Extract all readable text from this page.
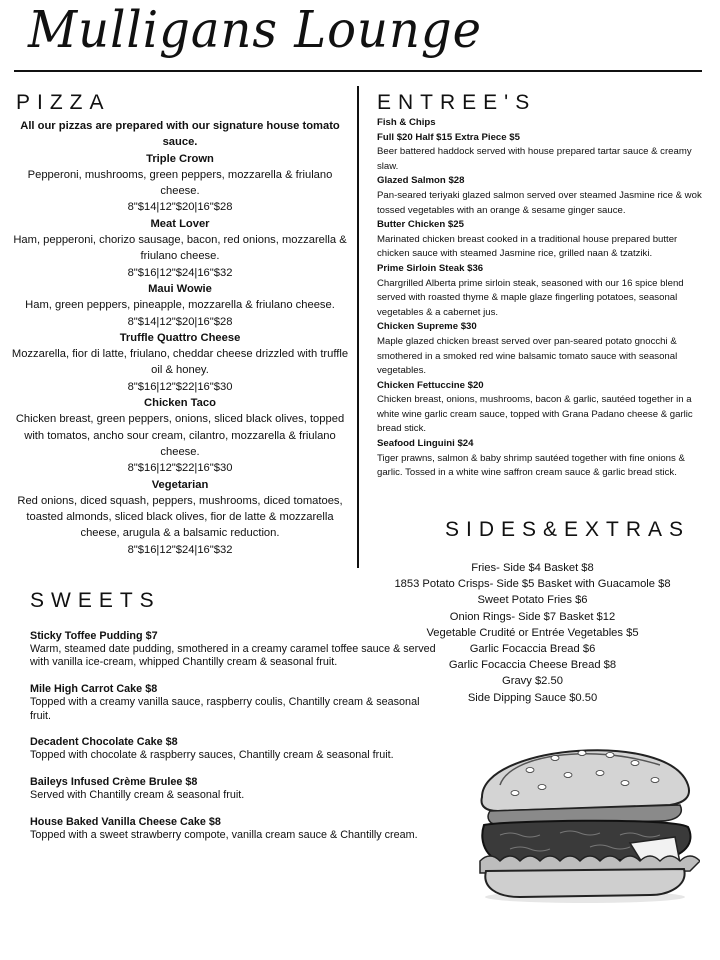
Mulligans Lounge
PIZZA
All our pizzas are prepared with our signature house tomato sauce.
Triple Crown
Pepperoni, mushrooms, green peppers, mozzarella & friulano cheese.
8"$14|12"$20|16"$28
Meat Lover
Ham, pepperoni, chorizo sausage, bacon, red onions, mozzarella & friulano cheese.
8"$16|12"$24|16"$32
Maui Wowie
Ham, green peppers, pineapple, mozzarella & friulano cheese.
8"$14|12"$20|16"$28
Truffle Quattro Cheese
Mozzarella, fior di latte, friulano, cheddar cheese drizzled with truffle oil & honey.
8"$16|12"$22|16"$30
Chicken Taco
Chicken breast, green peppers, onions, sliced black olives, topped with tomatos, ancho sour cream, cilantro, mozzarella & friulano cheese.
8"$16|12"$22|16"$30
Vegetarian
Red onions, diced squash, peppers, mushrooms, diced tomatoes, toasted almonds, sliced black olives, fior de latte & mozzarella cheese, arugula & a balsamic reduction.
8"$16|12"$24|16"$32
ENTREE'S
Fish & Chips
Full $20 Half $15 Extra Piece $5
Beer battered haddock served with house prepared tartar sauce & creamy slaw.
Glazed Salmon $28
Pan-seared teriyaki glazed salmon served over steamed Jasmine rice & wok tossed vegetables with an orange & sesame ginger sauce.
Butter Chicken $25
Marinated chicken breast cooked in a traditional house prepared butter chicken sauce with steamed Jasmine rice, grilled naan & tzatziki.
Prime Sirloin Steak $36
Chargrilled Alberta prime sirloin steak, seasoned with our 16 spice blend served with roasted thyme & maple glaze fingerling potatoes, seasonal vegetables & a cabernet jus.
Chicken Supreme $30
Maple glazed chicken breast served over pan-seared potato gnocchi & smothered in a smoked red wine balsamic tomato sauce with seasonal vegetables.
Chicken Fettuccine $20
Chicken breast, onions, mushrooms, bacon & garlic, sautéed together in a white wine garlic cream sauce, topped with Grana Padano cheese & garlic bread stick.
Seafood Linguini $24
Tiger prawns, salmon & baby shrimp sautéed together with fine onions & garlic. Tossed in a white wine saffron cream sauce & garlic bread stick.
SIDES&EXTRAS
Fries- Side $4 Basket $8
1853 Potato Crisps- Side $5 Basket with Guacamole $8
Sweet Potato Fries $6
Onion Rings- Side $7 Basket $12
Vegetable Crudité or Entrée Vegetables $5
Garlic Focaccia Bread $6
Garlic Focaccia Cheese Bread $8
Gravy $2.50
Side Dipping Sauce $0.50
SWEETS
Sticky Toffee Pudding $7
Warm, steamed date pudding, smothered in a creamy caramel toffee sauce & served with vanilla ice-cream, whipped Chantilly cream & seasonal fruit.
Mile High Carrot Cake $8
Topped with a creamy vanilla sauce, raspberry coulis, Chantilly cream & seasonal fruit.
Decadent Chocolate Cake $8
Topped with chocolate & raspberry sauces, Chantilly cream & seasonal fruit.
Baileys Infused Crème Brulee $8
Served with Chantilly cream & seasonal fruit.
House Baked Vanilla Cheese Cake $8
Topped with a sweet strawberry compote, vanilla cream sauce & Chantilly cream.
